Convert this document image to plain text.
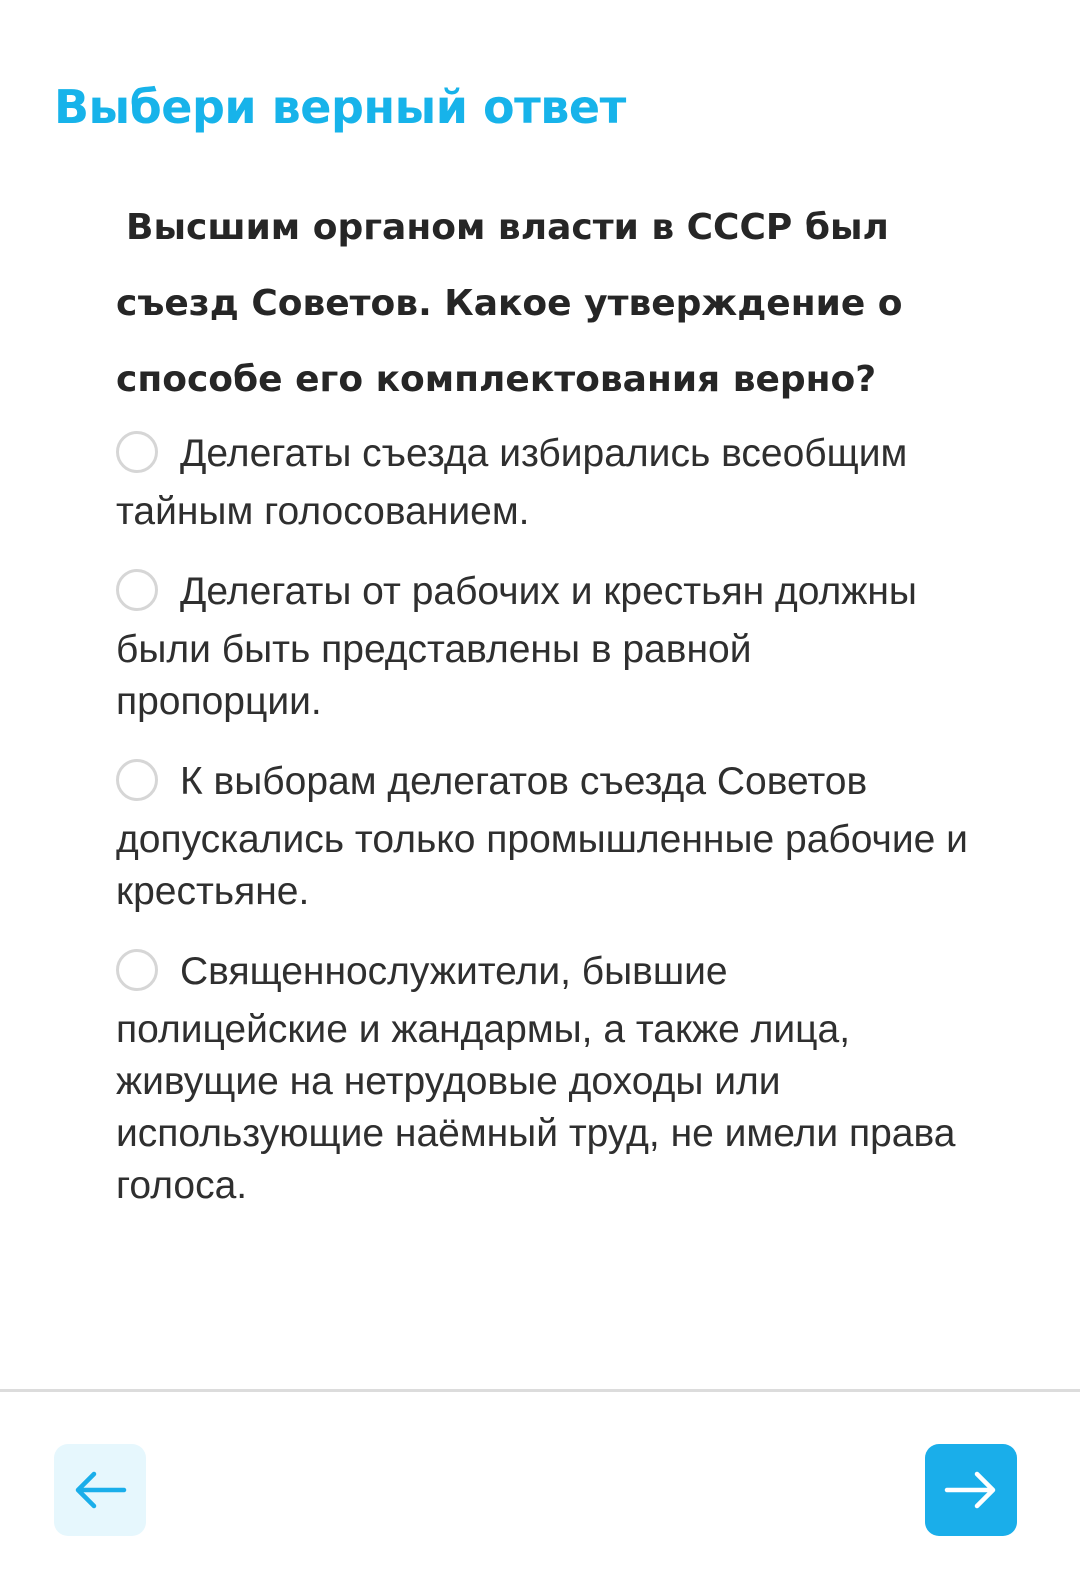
Выбери верный ответ
Высшим органом власти в СССР был съезд Советов. Какое утверждение о способе его комплектования верно?
Делегаты съезда избирались всеобщим
тайным голосованием.
Делегаты от рабочих и крестьян должны
были быть представлены в равной пропорции.
К выборам делегатов съезда Советов
допускались только промышленные рабочие и крестьяне.
Священнослужители, бывшие
полицейские и жандармы, а также лица, живущие на нетрудовые доходы или использующие наёмный труд, не имели права голоса.
